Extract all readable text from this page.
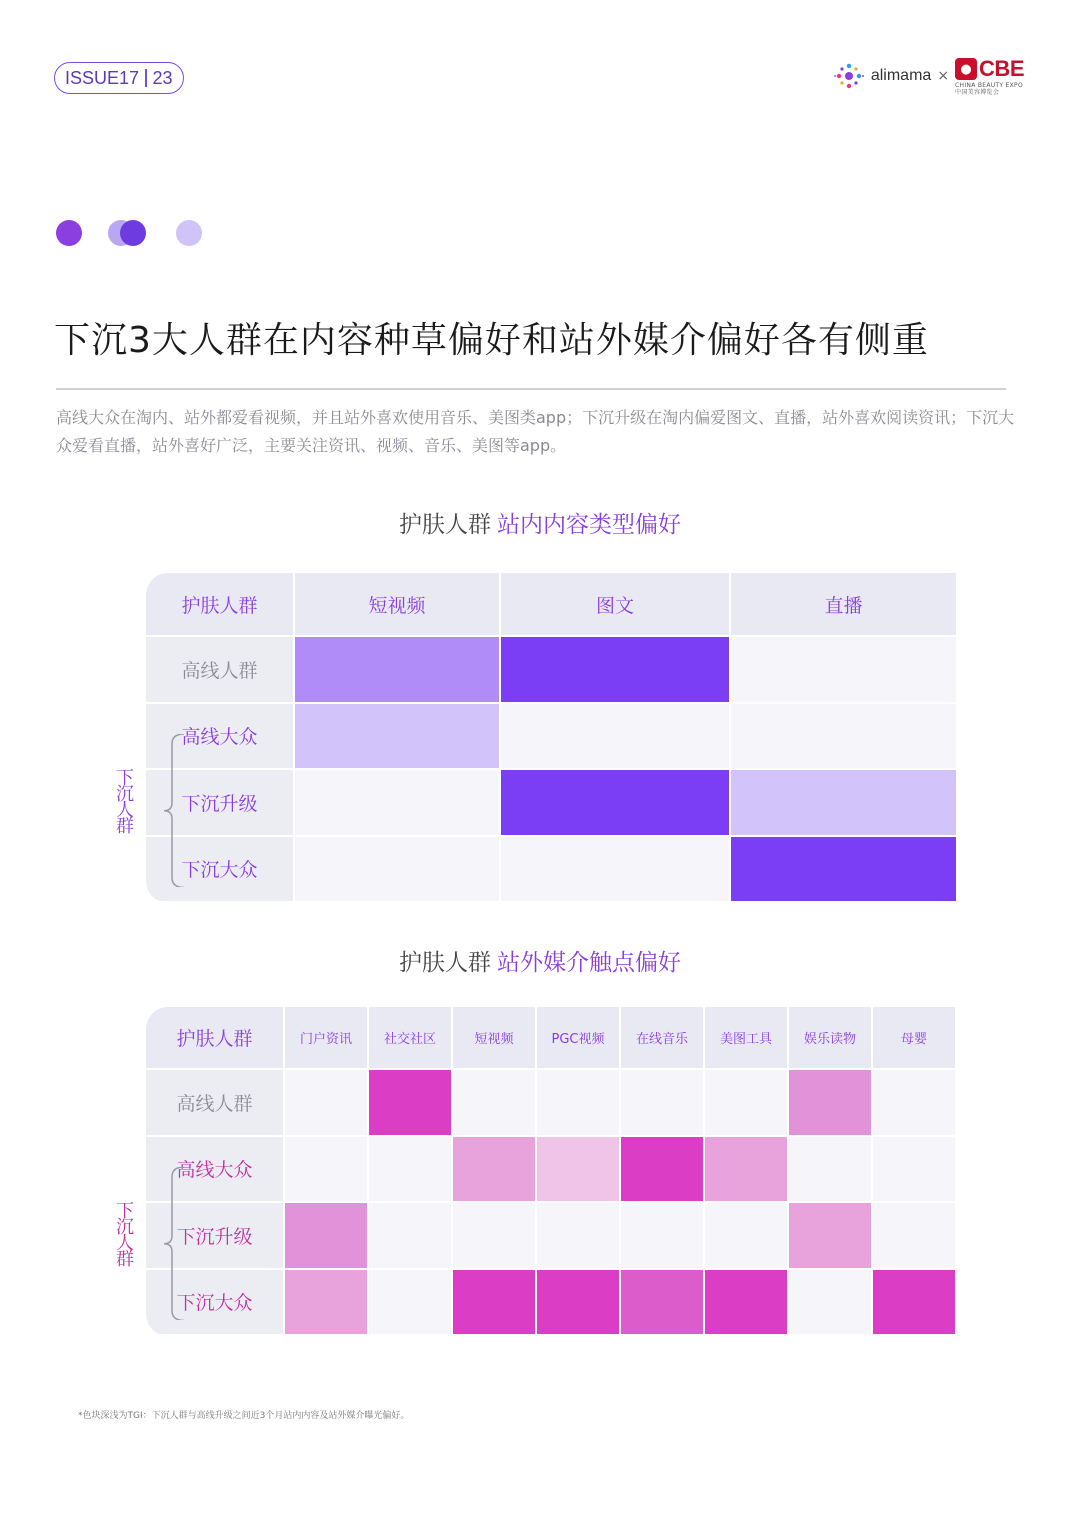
ISSUE17 23	alimama × ● CBE
CHINA BEAUTY EXPO
中国美容博览会
下沉3大人群在内容种草偏好和站外媒介偏好各有侧重
高线大众在淘内、站外都爱看视频，并且站外喜欢使用音乐、美图类app；下沉升级在淘内偏爱图文、直播，站外喜欢阅读资讯；下沉大众爱看直播，站外喜好广泛，主要关注资讯、视频、音乐、美图等app。
护肤人群 站内内容类型偏好
护肤人群	短视频	图文	直播
高线人群
高线大众
下沉升级
下沉大众
护肤人群 站外媒介触点偏好
护肤人群	门户资讯	社交社区	短视频	PGC视频	在线音乐	美图工具	娱乐读物	母婴
高线人群
高线大众
下沉升级
下沉大众
*色块深浅为TGI：下沉人群与高线升级之间近3个月站内内容及站外媒介曝光偏好。
下沉人群
下沉人群
